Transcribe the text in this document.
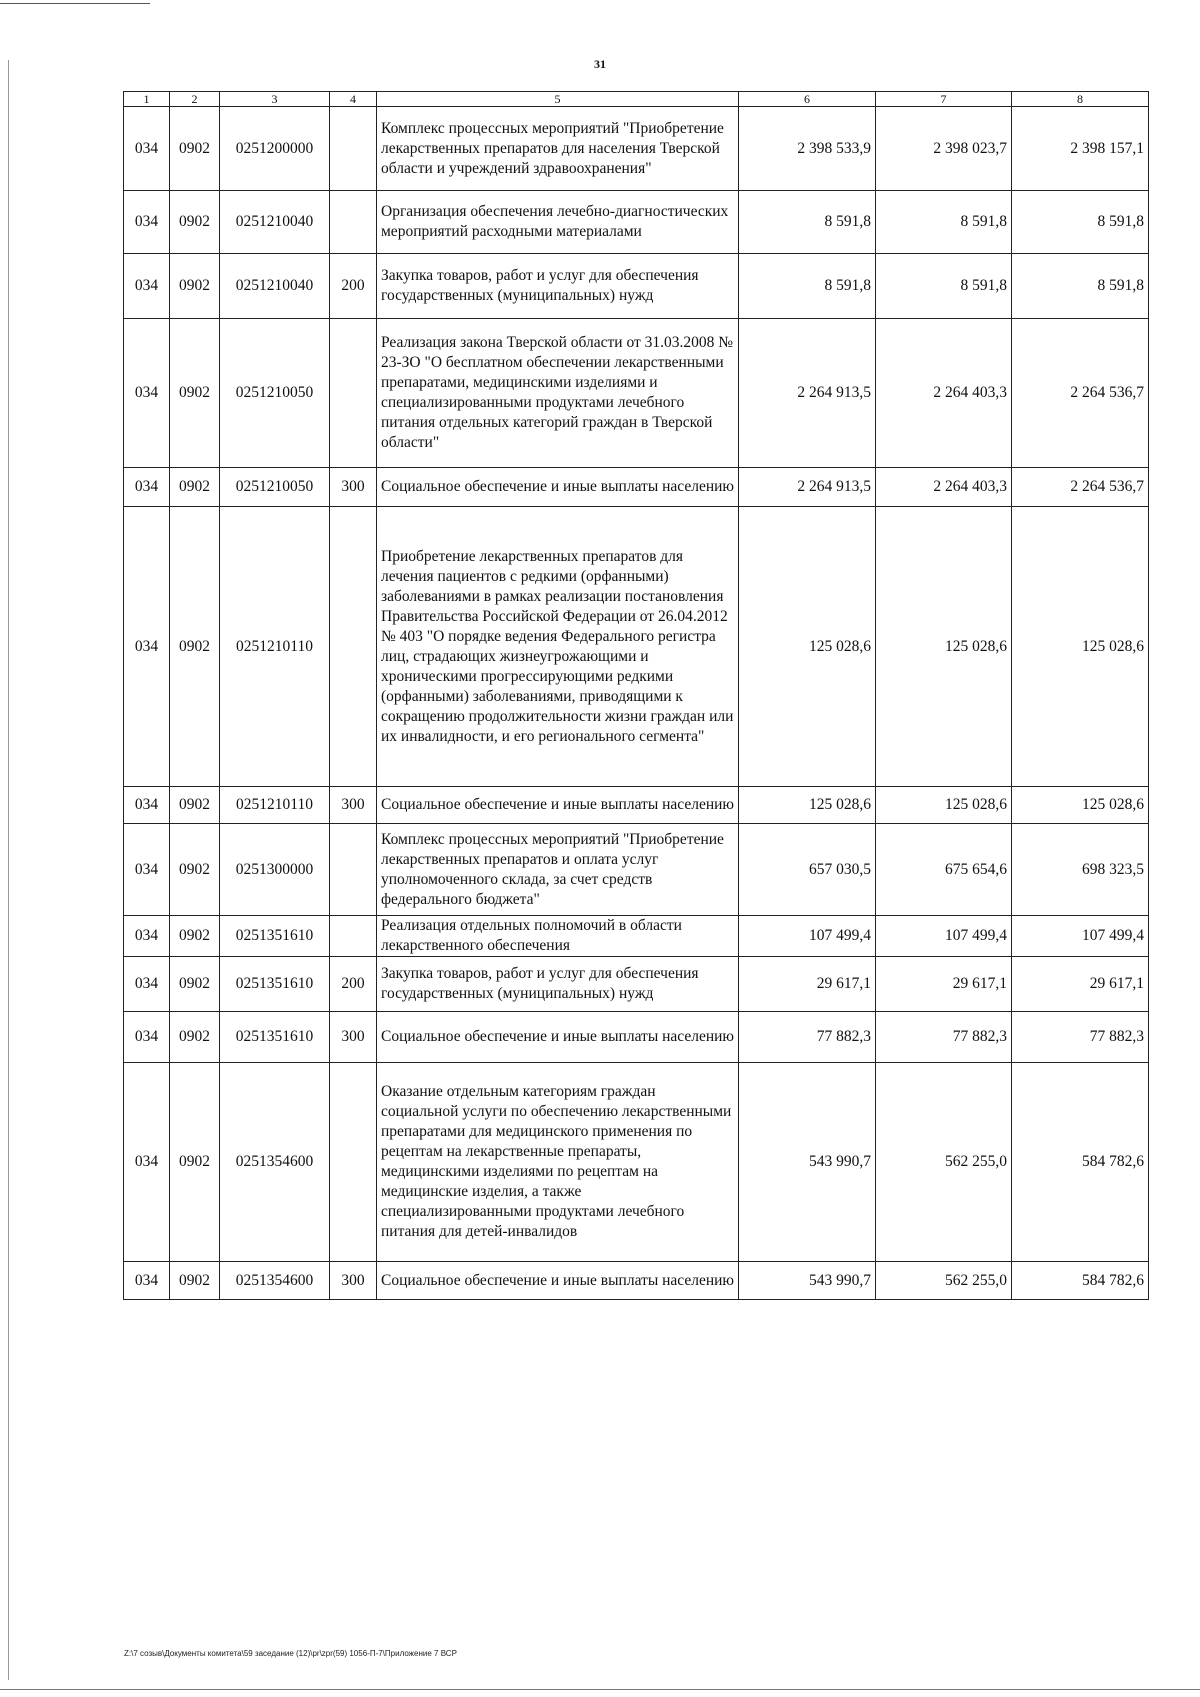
31
1	2	3	4	5	6	7	8
034	0902	0251200000		Комплекс процессных мероприятий "Приобретение лекарственных препаратов для населения Тверской области и учреждений здравоохранения"	2 398 533,9	2 398 023,7	2 398 157,1
034	0902	0251210040		Организация обеспечения лечебно-диагностических мероприятий расходными материалами	8 591,8	8 591,8	8 591,8
034	0902	0251210040	200	Закупка товаров, работ и услуг для обеспечения государственных (муниципальных) нужд	8 591,8	8 591,8	8 591,8
034	0902	0251210050		Реализация закона Тверской области от 31.03.2008 № 23-ЗО "О бесплатном обеспечении лекарственными препаратами, медицинскими изделиями и специализированными продуктами лечебного питания отдельных категорий граждан в Тверской области"	2 264 913,5	2 264 403,3	2 264 536,7
034	0902	0251210050	300	Социальное обеспечение и иные выплаты населению	2 264 913,5	2 264 403,3	2 264 536,7
034	0902	0251210110		Приобретение лекарственных препаратов для лечения пациентов с редкими (орфанными) заболеваниями в рамках реализации постановления Правительства Российской Федерации от 26.04.2012 № 403 "О порядке ведения Федерального регистра лиц, страдающих жизнеугрожающими и хроническими прогрессирующими редкими (орфанными) заболеваниями, приводящими к сокращению продолжительности жизни граждан или их инвалидности, и его регионального сегмента"	125 028,6	125 028,6	125 028,6
034	0902	0251210110	300	Социальное обеспечение и иные выплаты населению	125 028,6	125 028,6	125 028,6
034	0902	0251300000		Комплекс процессных мероприятий "Приобретение лекарственных препаратов и оплата услуг уполномоченного склада, за счет средств федерального бюджета"	657 030,5	675 654,6	698 323,5
034	0902	0251351610		Реализация отдельных полномочий в области лекарственного обеспечения	107 499,4	107 499,4	107 499,4
034	0902	0251351610	200	Закупка товаров, работ и услуг для обеспечения государственных (муниципальных) нужд	29 617,1	29 617,1	29 617,1
034	0902	0251351610	300	Социальное обеспечение и иные выплаты населению	77 882,3	77 882,3	77 882,3
034	0902	0251354600		Оказание отдельным категориям граждан социальной услуги по обеспечению лекарственными препаратами для медицинского применения по рецептам на лекарственные препараты, медицинскими изделиями по рецептам на медицинские изделия, а также специализированными продуктами лечебного питания для детей-инвалидов	543 990,7	562 255,0	584 782,6
034	0902	0251354600	300	Социальное обеспечение и иные выплаты населению	543 990,7	562 255,0	584 782,6
Z:\7 созыв\Документы комитета\59 заседание (12)\pr\zpr(59) 1056-П-7\Приложение 7 ВСР
